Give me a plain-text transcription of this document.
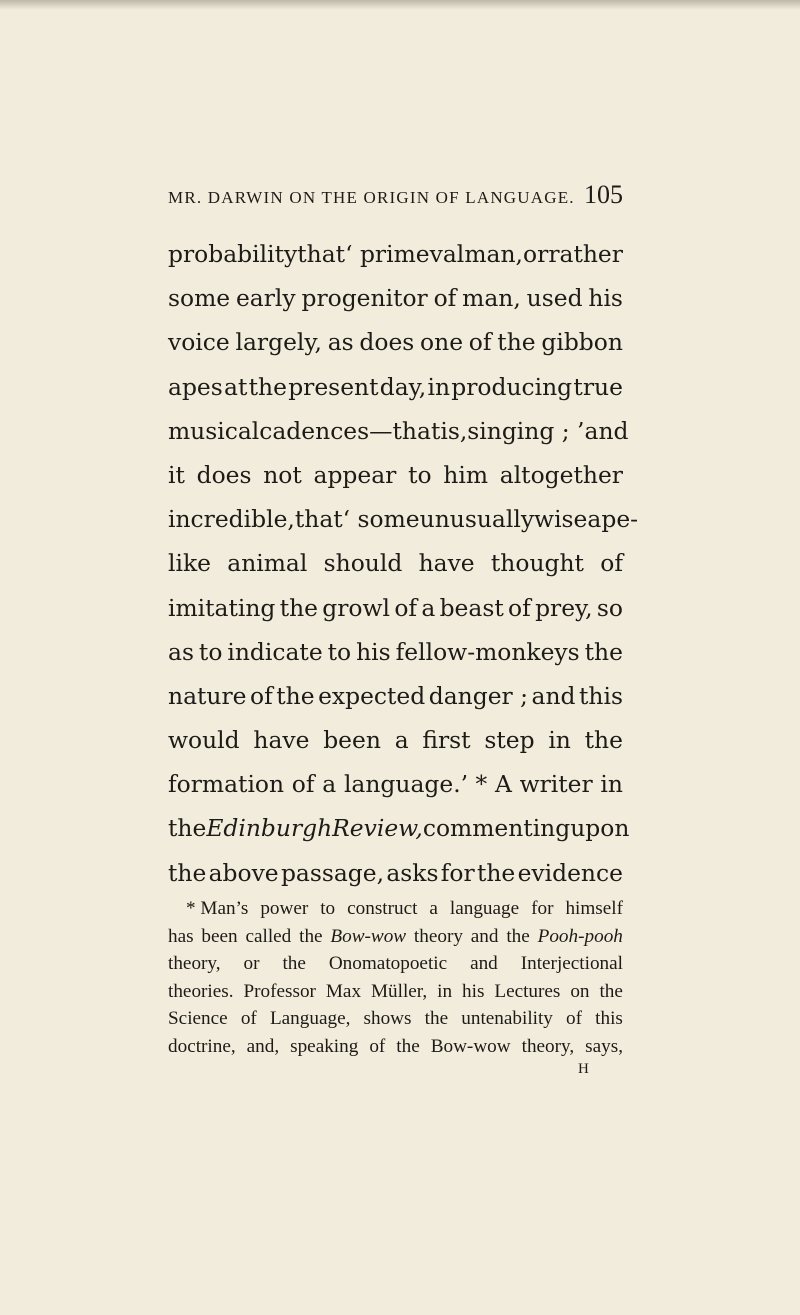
MR. DARWIN ON THE ORIGIN OF LANGUAGE. 105
probability that ‘ primeval man, or rather
some early progenitor of man, used his
voice largely, as does one of the gibbon
apes at the present day, in producing true
musical cadences—that is, singing ; ’ and
it does not appear to him altogether
incredible, that ‘ some unusually wise ape-
like animal should have thought of
imitating the growl of a beast of prey, so
as to indicate to his fellow-monkeys the
nature of the expected danger ; and this
would have been a first step in the
formation of a language.’ * A writer in
the Edinburgh Review, commenting upon
the above passage, asks for the evidence
* Man’s power to construct a language for himself
has been called the Bow-wow theory and the Pooh-pooh
theory, or the Onomatopoetic and Interjectional
theories. Professor Max Müller, in his Lectures on the
Science of Language, shows the untenability of this
doctrine, and, speaking of the Bow-wow theory, says,
H
